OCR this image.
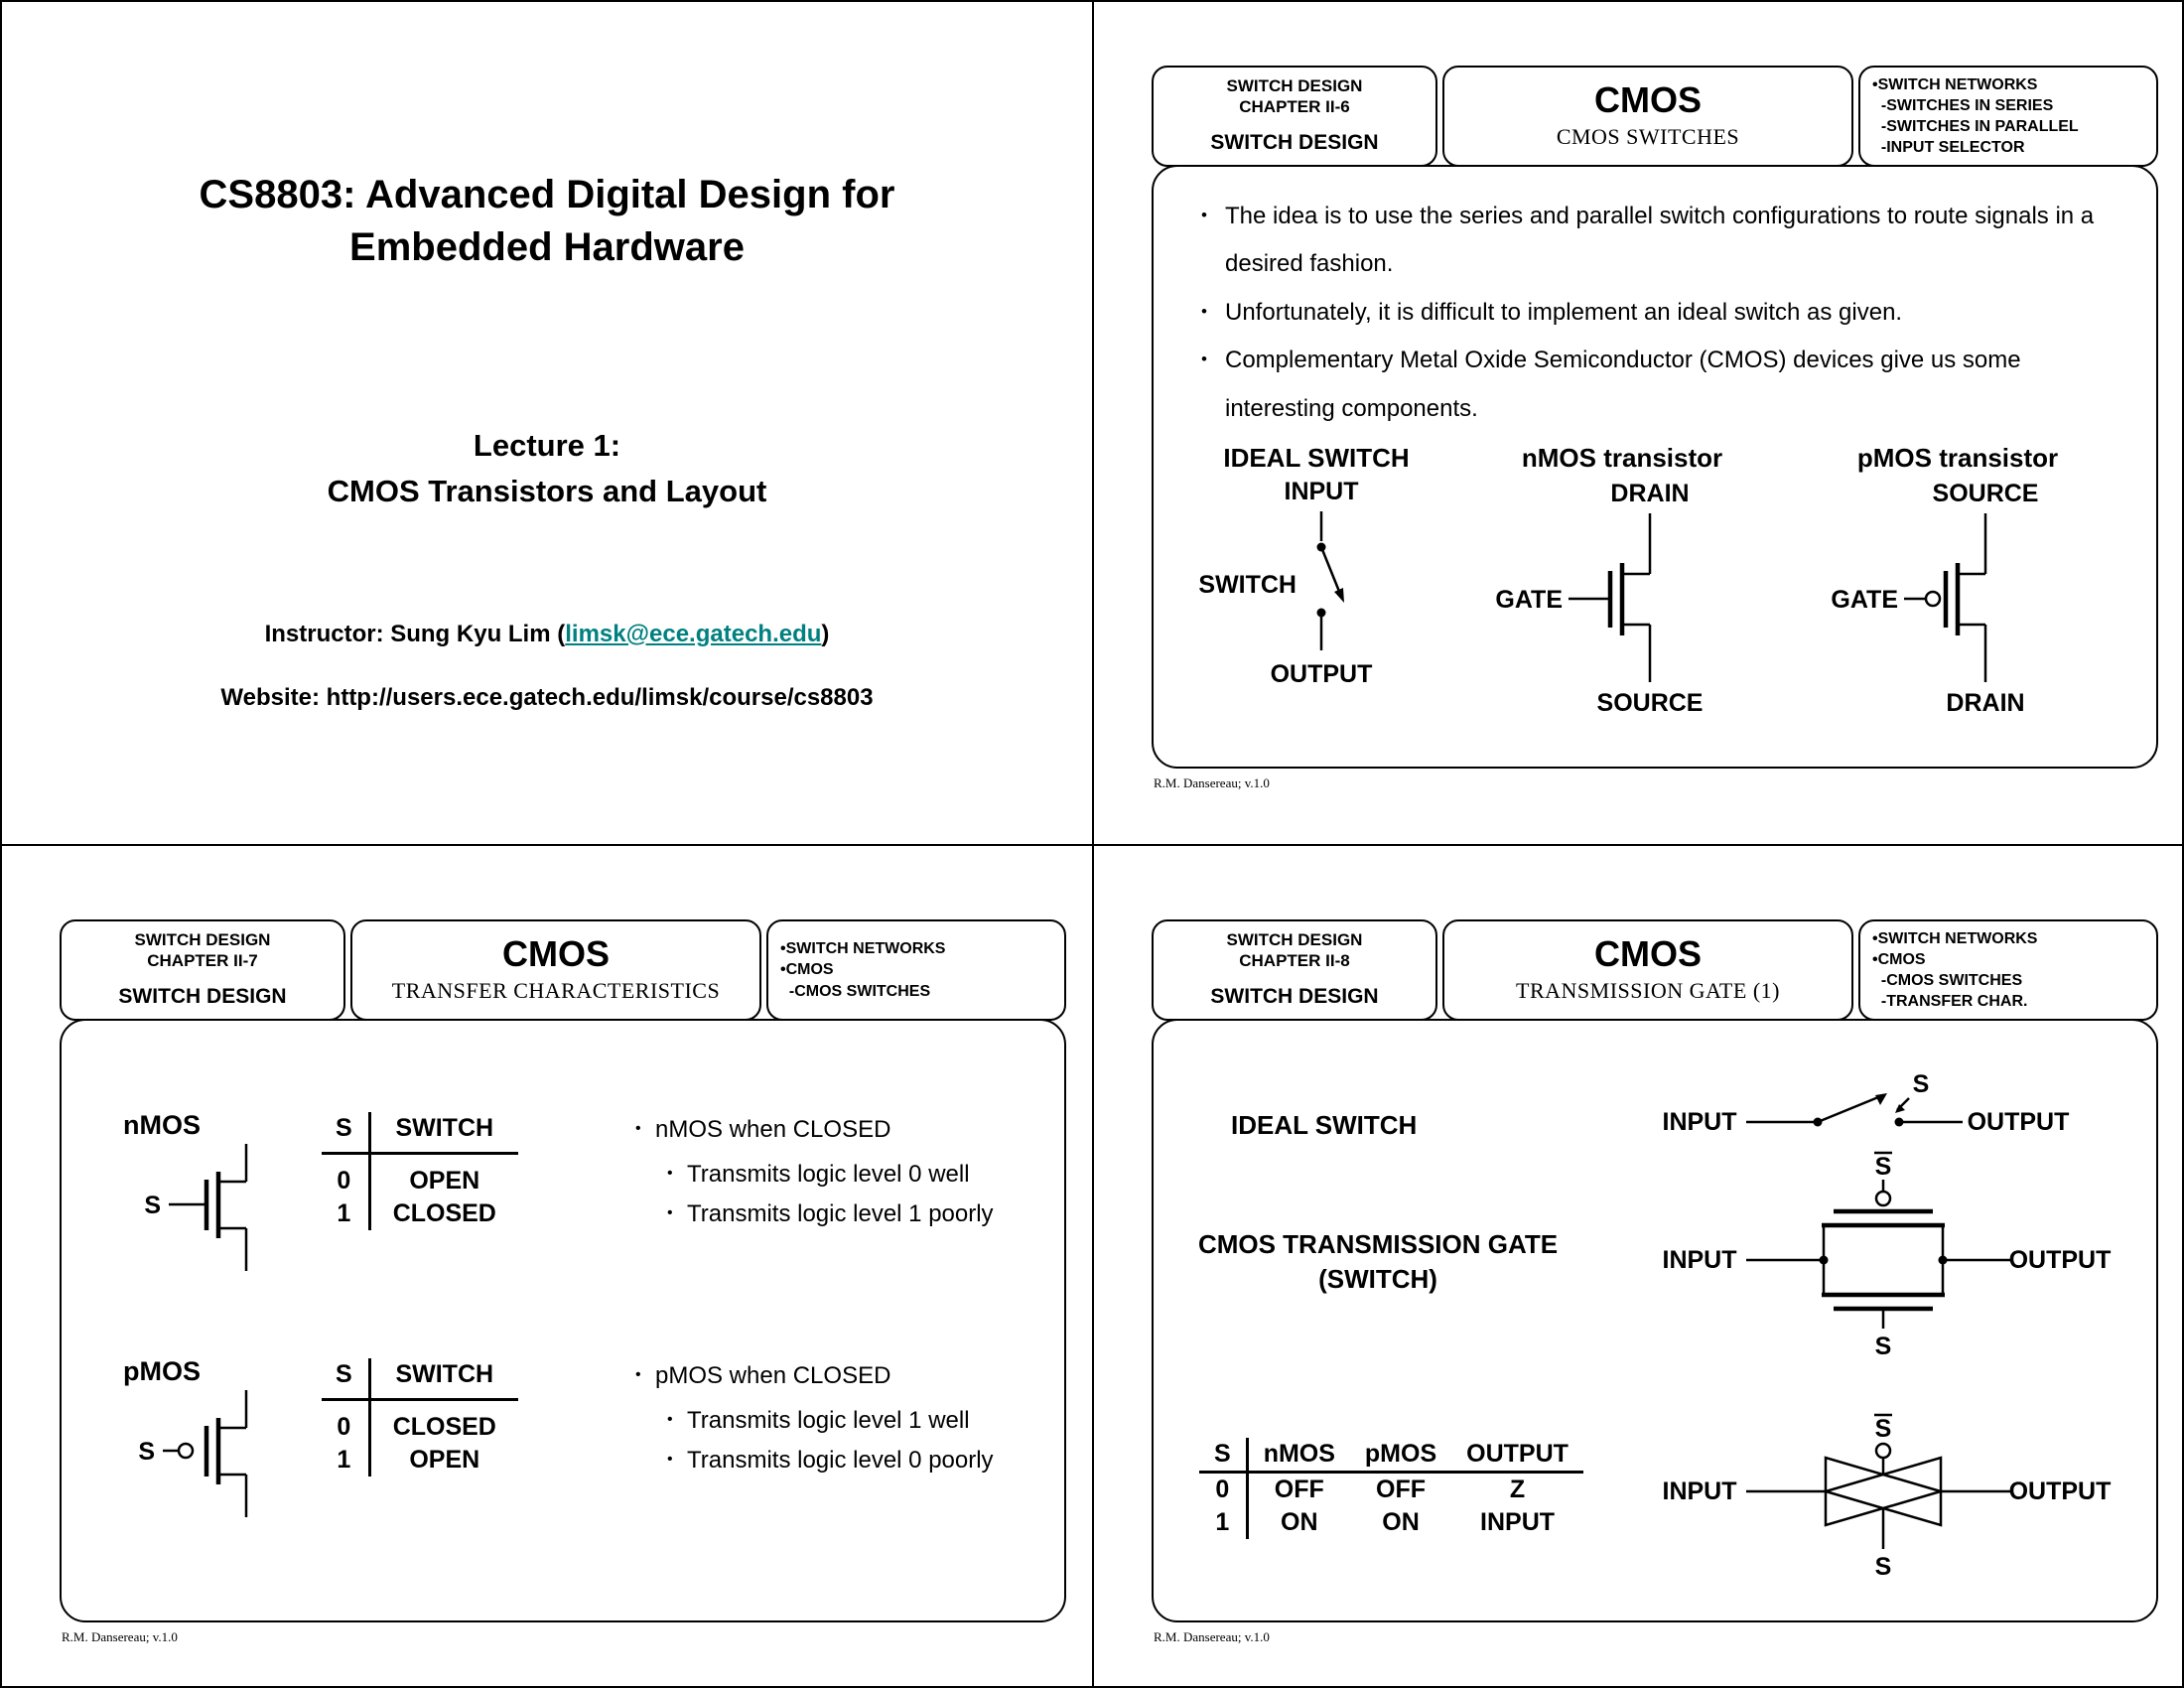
CS8803: Advanced Digital Design for
Embedded Hardware
Lecture 1:
CMOS Transistors and Layout
Instructor: Sung Kyu Lim (limsk@ece.gatech.edu)
Website: http://users.ece.gatech.edu/limsk/course/cs8803
SWITCH DESIGN
CHAPTER II-6
SWITCH DESIGN
CMOS
CMOS SWITCHES
•SWITCH NETWORKS
-SWITCHES IN SERIES
-SWITCHES IN PARALLEL
-INPUT SELECTOR
• The idea is to use the series and parallel switch configurations to route signals in a desired fashion.
• Unfortunately, it is difficult to implement an ideal switch as given.
• Complementary Metal Oxide Semiconductor (CMOS) devices give us some interesting components.
IDEAL SWITCH
INPUT
SWITCH
OUTPUT
nMOS transistor
DRAIN
GATE
SOURCE
pMOS transistor
SOURCE
GATE
DRAIN
R.M. Dansereau; v.1.0
SWITCH DESIGN
CHAPTER II-7
SWITCH DESIGN
CMOS
TRANSFER CHARACTERISTICS
•SWITCH NETWORKS
•CMOS
-CMOS SWITCHES
nMOS
S
S	SWITCH
0	OPEN
1	CLOSED
• nMOS when CLOSED
• Transmits logic level 0 well
• Transmits logic level 1 poorly
pMOS
S
S	SWITCH
0	CLOSED
1	OPEN
• pMOS when CLOSED
• Transmits logic level 1 well
• Transmits logic level 0 poorly
R.M. Dansereau; v.1.0
SWITCH DESIGN
CHAPTER II-8
SWITCH DESIGN
CMOS
TRANSMISSION GATE (1)
•SWITCH NETWORKS
•CMOS
-CMOS SWITCHES
-TRANSFER CHAR.
IDEAL SWITCH	INPUT
S
OUTPUT
CMOS TRANSMISSION GATE
(SWITCH)
S
S
INPUT	OUTPUT
S	nMOS	pMOS	OUTPUT
0	OFF	OFF	Z
1	ON	ON	INPUT
S
S
INPUT	OUTPUT
R.M. Dansereau; v.1.0
